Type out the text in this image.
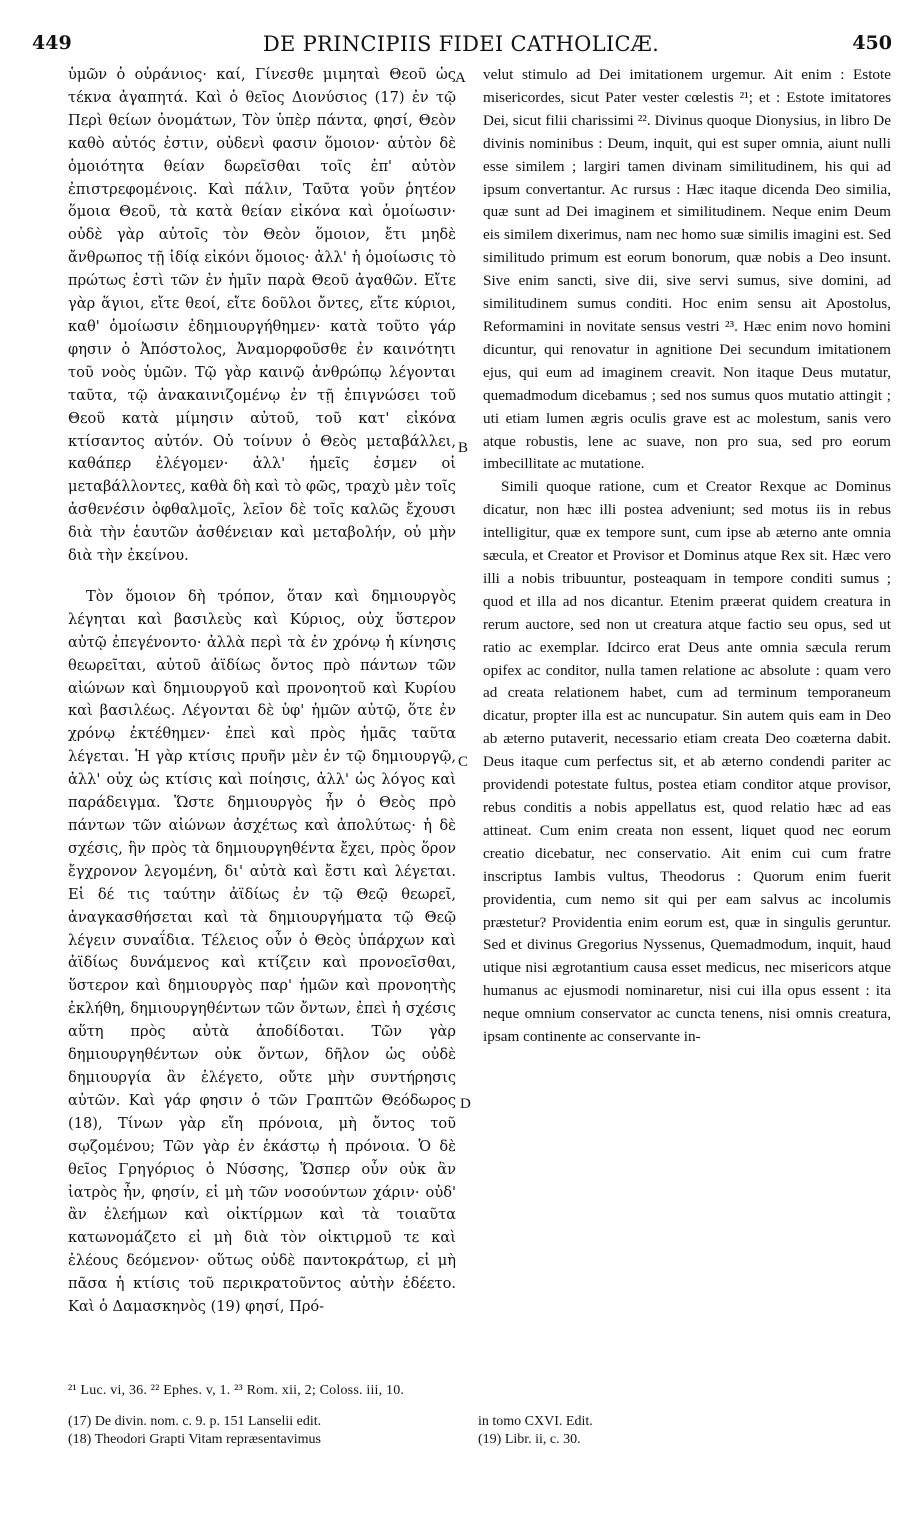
449	DE PRINCIPIIS FIDEI CATHOLICÆ.	450

ὑμῶν ὁ οὐράνιος· καί, Γίνεσθε μιμηταὶ Θεοῦ ὡς τέκνα ἀγαπητά. Καὶ ὁ θεῖος Διονύσιος (17) ἐν τῷ Περὶ θείων ὀνομάτων, Τὸν ὑπὲρ πάντα, φησί, Θεὸν καθὸ αὐτός ἐστιν, οὐδενὶ φασιν ὅμοιον· αὐτὸν δὲ ὁμοιότητα θείαν δωρεῖσθαι τοῖς ἐπ' αὐτὸν ἐπιστρεφομένοις. Καὶ πάλιν, Ταῦτα γοῦν ῥητέον ὅμοια Θεοῦ, τὰ κατὰ θείαν εἰκόνα καὶ ὁμοίωσιν· οὐδὲ γὰρ αὐτοῖς τὸν Θεὸν ὅμοιον, ἔτι μηδὲ ἄνθρωπος τῇ ἰδίᾳ εἰκόνι ὅμοιος· ἀλλ' ἡ ὁμοίωσις τὸ πρώτως ἐστὶ τῶν ἐν ἡμῖν παρὰ Θεοῦ ἀγαθῶν. Εἴτε γὰρ ἅγιοι, εἴτε θεοί, εἴτε δοῦλοι ὄντες, εἴτε κύριοι, καθ' ὁμοίωσιν ἐδημιουργήθημεν· κατὰ τοῦτο γάρ φησιν ὁ Ἀπόστολος, Ἀναμορφοῦσθε ἐν καινότητι τοῦ νοὸς ὑμῶν. Τῷ γὰρ καινῷ ἀνθρώπῳ λέγονται ταῦτα, τῷ ἀνακαινιζομένῳ ἐν τῇ ἐπιγνώσει τοῦ Θεοῦ κατὰ μίμησιν αὐτοῦ, τοῦ κατ' εἰκόνα κτίσαντος αὐτόν. Οὐ τοίνυν ὁ Θεὸς μεταβάλλει, καθάπερ ἐλέγομεν· ἀλλ' ἡμεῖς ἐσμεν οἱ μεταβάλλοντες, καθὰ δὴ καὶ τὸ φῶς, τραχὺ μὲν τοῖς ἀσθενέσιν ὀφθαλμοῖς, λεῖον δὲ τοῖς καλῶς ἔχουσι διὰ τὴν ἑαυτῶν ἀσθένειαν καὶ μεταβολήν, οὐ μὴν διὰ τὴν ἐκείνου.

Τὸν ὅμοιον δὴ τρόπον, ὅταν καὶ δημιουργὸς λέγηται καὶ βασιλεὺς καὶ Κύριος, οὐχ ὕστερον αὐτῷ ἐπεγένοντο· ἀλλὰ περὶ τὰ ἐν χρόνῳ ἡ κίνησις θεωρεῖται, αὐτοῦ ἀϊδίως ὄντος πρὸ πάντων τῶν αἰώνων καὶ δημιουργοῦ καὶ προνοητοῦ καὶ Κυρίου καὶ βασιλέως. Λέγονται δὲ ὑφ' ἡμῶν αὐτῷ, ὅτε ἐν χρόνῳ ἐκτέθημεν· ἐπεὶ καὶ πρὸς ἡμᾶς ταῦτα λέγεται. Ἡ γὰρ κτίσις πρυῆν μὲν ἐν τῷ δημιουργῷ, ἀλλ' οὐχ ὡς κτίσις καὶ ποίησις, ἀλλ' ὡς λόγος καὶ παράδειγμα. Ὥστε δημιουργὸς ἦν ὁ Θεὸς πρὸ πάντων τῶν αἰώνων ἀσχέτως καὶ ἀπολύτως· ἡ δὲ σχέσις, ἣν πρὸς τὰ δημιουργηθέντα ἔχει, πρὸς ὅρον ἔγχρονον λεγομένη, δι' αὐτὰ καὶ ἔστι καὶ λέγεται. Εἰ δέ τις ταύτην ἀϊδίως ἐν τῷ Θεῷ θεωρεῖ, ἀναγκασθήσεται καὶ τὰ δημιουργήματα τῷ Θεῷ λέγειν συναΐδια. Τέλειος οὖν ὁ Θεὸς ὑπάρχων καὶ ἀϊδίως δυνάμενος καὶ κτίζειν καὶ προνοεῖσθαι, ὕστερον καὶ δημιουργὸς παρ' ἡμῶν καὶ προνοητὴς ἐκλήθη, δημιουργηθέντων τῶν ὄντων, ἐπεὶ ἡ σχέσις αὕτη πρὸς αὐτὰ ἀποδίδοται. Τῶν γὰρ δημιουργηθέντων οὐκ ὄντων, δῆλον ὡς οὐδὲ δημιουργία ἂν ἐλέγετο, οὔτε μὴν συντήρησις αὐτῶν. Καὶ γάρ φησιν ὁ τῶν Γραπτῶν Θεόδωρος (18), Τίνων γὰρ εἴη πρόνοια, μὴ ὄντος τοῦ σῳζομένου; Τῶν γὰρ ἐν ἑκάστῳ ἡ πρόνοια. Ὁ δὲ θεῖος Γρηγόριος ὁ Νύσσης, Ὥσπερ οὖν οὐκ ἂν ἰατρὸς ἦν, φησίν, εἰ μὴ τῶν νοσούντων χάριν· οὐδ' ἂν ἐλεήμων καὶ οἰκτίρμων καὶ τὰ τοιαῦτα κατωνομάζετο εἰ μὴ διὰ τὸν οἰκτιρμοῦ τε καὶ ἐλέους δεόμενον· οὕτως οὐδὲ παντοκράτωρ, εἰ μὴ πᾶσα ἡ κτίσις τοῦ περικρατοῦντος αὐτὴν ἐδέετο. Καὶ ὁ Δαμασκηνὸς (19) φησί, Πρό-

A
B
C
D

velut stimulo ad Dei imitationem urgemur. Ait enim : Estote misericordes, sicut Pater vester cœlestis ²¹; et : Estote imitatores Dei, sicut filii charissimi ²². Divinus quoque Dionysius, in libro De divinis nominibus : Deum, inquit, qui est super omnia, aiunt nulli esse similem ; largiri tamen divinam similitudinem, his qui ad ipsum convertantur. Ac rursus : Hæc itaque dicenda Deo similia, quæ sunt ad Dei imaginem et similitudinem. Neque enim Deum eis similem dixerimus, nam nec homo suæ similis imagini est. Sed similitudo primum est eorum bonorum, quæ nobis a Deo insunt. Sive enim sancti, sive dii, sive servi sumus, sive domini, ad similitudinem sumus conditi. Hoc enim sensu ait Apostolus, Reformamini in novitate sensus vestri ²³. Hæc enim novo homini dicuntur, qui renovatur in agnitione Dei secundum imitationem ejus, qui eum ad imaginem creavit. Non itaque Deus mutatur, quemadmodum dicebamus ; sed nos sumus quos mutatio attingit ; uti etiam lumen ægris oculis grave est ac molestum, sanis vero atque robustis, lene ac suave, non pro sua, sed pro eorum imbecillitate ac mutatione.

Simili quoque ratione, cum et Creator Rexque ac Dominus dicatur, non hæc illi postea adveniunt; sed motus iis in rebus intelligitur, quæ ex tempore sunt, cum ipse ab æterno ante omnia sæcula, et Creator et Provisor et Dominus atque Rex sit. Hæc vero illi a nobis tribuuntur, posteaquam in tempore conditi sumus ; quod et illa ad nos dicantur. Etenim præerat quidem creatura in rerum auctore, sed non ut creatura atque factio seu opus, sed ut ratio ac exemplar. Idcirco erat Deus ante omnia sæcula rerum opifex ac conditor, nulla tamen relatione ac absolute : quam vero ad creata relationem habet, cum ad terminum temporaneum dicatur, propter illa est ac nuncupatur. Sin autem quis eam in Deo ab æterno putaverit, necessario etiam creata Deo coæterna dabit. Deus itaque cum perfectus sit, et ab æterno condendi pariter ac providendi potestate fultus, postea etiam conditor atque provisor, rebus conditis a nobis appellatus est, quod relatio hæc ad eas attineat. Cum enim creata non essent, liquet quod nec eorum creatio dicebatur, nec conservatio. Ait enim cui cum fratre inscriptus Iambis vultus, Theodorus : Quorum enim fuerit providentia, cum nemo sit qui per eam salvus ac incolumis præstetur? Providentia enim eorum est, quæ in singulis geruntur. Sed et divinus Gregorius Nyssenus, Quemadmodum, inquit, haud utique nisi ægrotantium causa esset medicus, nec misericors atque humanus ac ejusmodi nominaretur, nisi cui illa opus essent : ita neque omnium conservator ac cuncta tenens, nisi omnis creatura, ipsam continente ac conservante in-

²¹ Luc. vi, 36. ²² Ephes. v, 1. ²³ Rom. xii, 2; Coloss. iii, 10.
(17) De divin. nom. c. 9. p. 151 Lanselii edit.
(18) Theodori Grapti Vitam repræsentavimus
in tomo CXVI. Edit.
(19) Libr. ii, c. 30.
